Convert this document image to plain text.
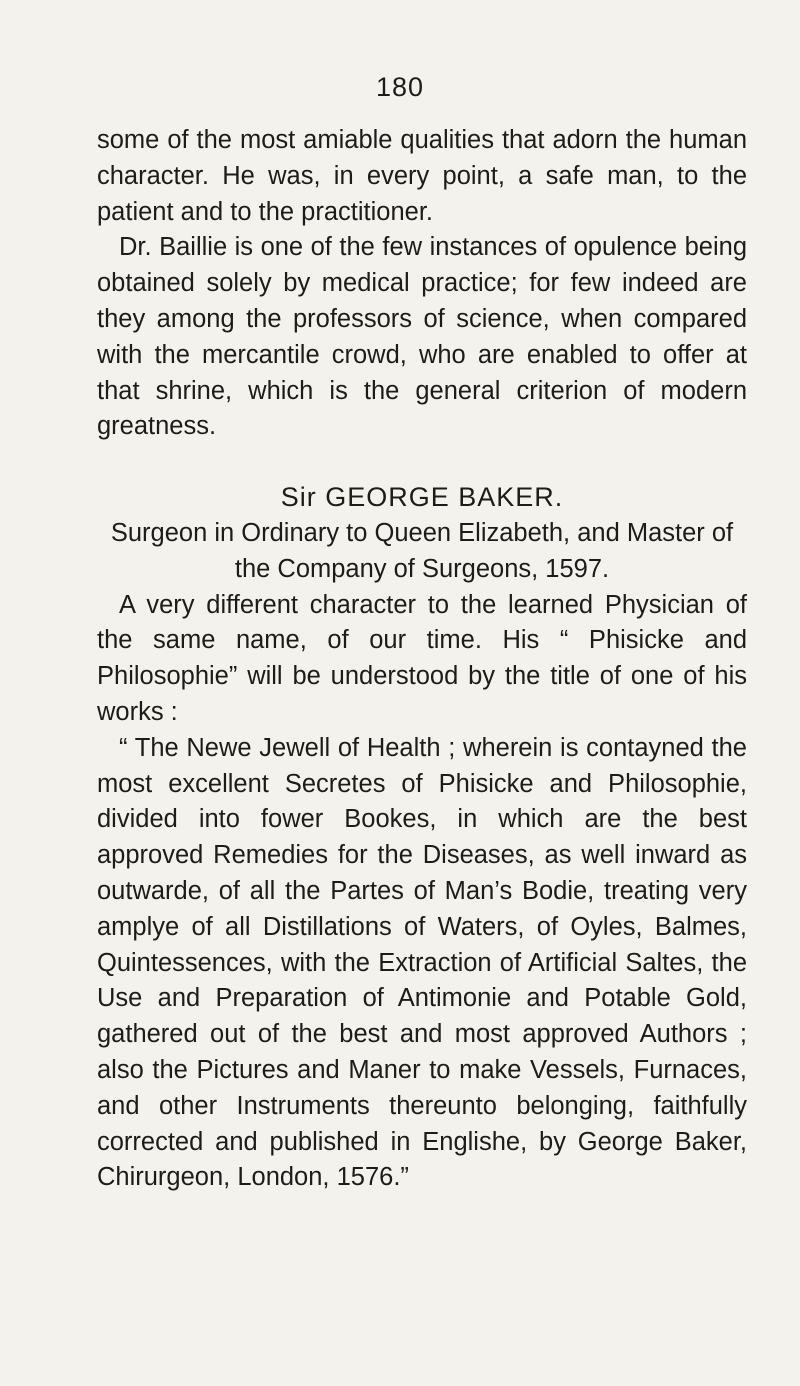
180

some of the most amiable qualities that adorn the human character. He was, in every point, a safe man, to the patient and to the practitioner.

Dr. Baillie is one of the few instances of opulence being obtained solely by medical practice; for few indeed are they among the professors of science, when compared with the mercantile crowd, who are enabled to offer at that shrine, which is the general criterion of modern greatness.

Sir GEORGE BAKER.

Surgeon in Ordinary to Queen Elizabeth, and Master of the Company of Surgeons, 1597.

A very different character to the learned Physician of the same name, of our time. His “ Phisicke and Philosophie” will be understood by the title of one of his works :

“ The Newe Jewell of Health ; wherein is contayned the most excellent Secretes of Phisicke and Philosophie, divided into fower Bookes, in which are the best approved Remedies for the Diseases, as well inward as outwarde, of all the Partes of Man’s Bodie, treating very amplye of all Distillations of Waters, of Oyles, Balmes, Quintessences, with the Extraction of Artificial Saltes, the Use and Preparation of Antimonie and Potable Gold, gathered out of the best and most approved Authors ; also the Pictures and Maner to make Vessels, Furnaces, and other Instruments thereunto belonging, faithfully corrected and published in Englishe, by George Baker, Chirurgeon, London, 1576.”
